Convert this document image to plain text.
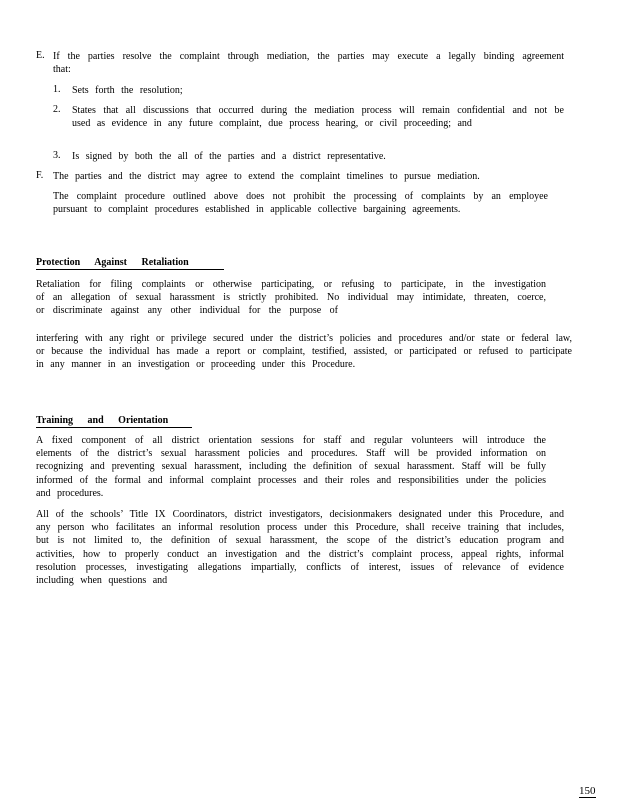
E. If the parties resolve the complaint through mediation, the parties may execute a legally binding agreement that:
1. Sets forth the resolution;
2. States that all discussions that occurred during the mediation process will remain confidential and not be used as evidence in any future complaint, due process hearing, or civil proceeding; and
3. Is signed by both the all of the parties and a district representative.
F. The parties and the district may agree to extend the complaint timelines to pursue mediation.

The complaint procedure outlined above does not prohibit the processing of complaints by an employee pursuant to complaint procedures established in applicable collective bargaining agreements.

Protection Against Retaliation

Retaliation for filing complaints or otherwise participating, or refusing to participate, in the investigation of an allegation of sexual harassment is strictly prohibited. No individual may intimidate, threaten, coerce, or discriminate against any other individual for the purpose of

interfering with any right or privilege secured under the district’s policies and procedures and/or state or federal law, or because the individual has made a report or complaint, testified, assisted, or participated or refused to participate in any manner in an investigation or proceeding under this Procedure.

Training and Orientation

A fixed component of all district orientation sessions for staff and regular volunteers will introduce the elements of the district’s sexual harassment policies and procedures. Staff will be provided information on recognizing and preventing sexual harassment, including the definition of sexual harassment. Staff will be fully informed of the formal and informal complaint processes and their roles and responsibilities under the policies and procedures.

All of the schools’ Title IX Coordinators, district investigators, decisionmakers designated under this Procedure, and any person who facilitates an informal resolution process under this Procedure, shall receive training that includes, but is not limited to, the definition of sexual harassment, the scope of the district’s education program and activities, how to properly conduct an investigation and the district’s complaint process, appeal rights, informal resolution processes, investigating allegations impartially, conflicts of interest, issues of relevance of evidence including when questions and

150
